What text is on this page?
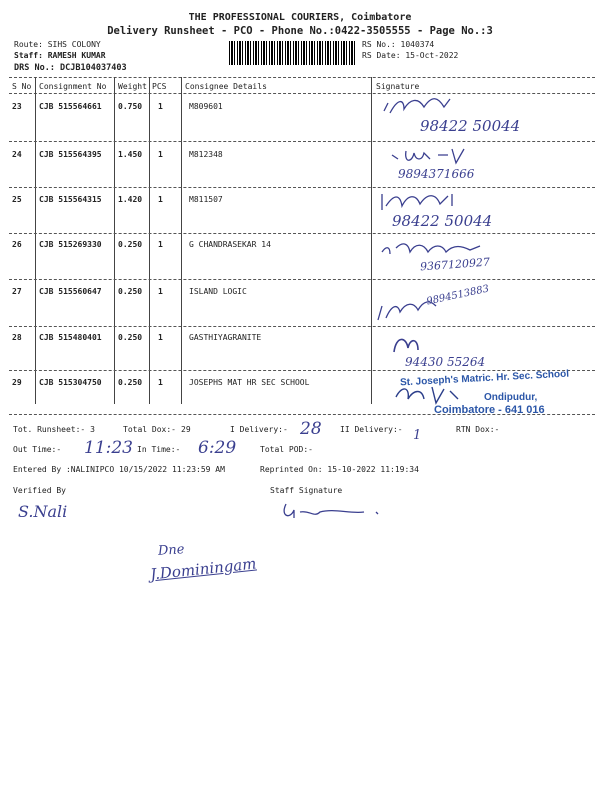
THE PROFESSIONAL COURIERS, Coimbatore
Delivery Runsheet - PCO - Phone No.:0422-3505555 - Page No.:3
Route: SIHS COLONY
Staff: RAMESH KUMAR
DRS No.: DCJB104037403
RS No.: 1040374
RS Date: 15-Oct-2022
S No Consignment No Weight PCS Consignee Details	Signature
23 CJB 515564661 0.750 1	M809601
98422 50044
24 CJB 515564395 1.450 1	M812348
9894371666
25 CJB 515564315 1.420 1	M811507
98422 50044
26 CJB 515269330 0.250 1	G CHANDRASEKAR 14
9367120927
27 CJB 515560647 0.250 1	ISLAND LOGIC	9894513883
28 CJB 515480401 0.250 1	GASTHIYAGRANITE
94430 55264
29 CJB 515304750 0.250 1	JOSEPHS MAT HR SEC SCHOOL	St. Joseph's Matric. Hr. Sec. School
Ondipudur,
Coimbatore - 641 016
Tot. Runsheet:- 3	Total Dox:- 29	I Delivery:- 28 II Delivery:- 1	RTN Dox:-
Out Time:- 11:23 In Time:- 6:29	Total POD:-
Entered By :NALINIPCO 10/15/2022 11:23:59 AM	Reprinted On: 15-10-2022 11:19:34
Verified By	Staff Signature
S.Nali
Dne
J.Dominingam
